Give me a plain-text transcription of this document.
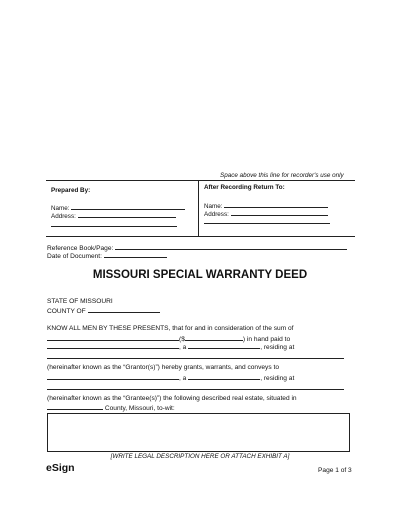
Space above this line for recorder's use only
Prepared By:	After Recording Return To:
Name:
Address:
Name:
Address:
Reference Book/Page:
Date of Document:
MISSOURI SPECIAL WARRANTY DEED
STATE OF MISSOURI
COUNTY OF
KNOW ALL MEN BY THESE PRESENTS, that for and in consideration of the sum of
($	) in hand paid to
, a	, residing at
(hereinafter known as the “Grantor(s)”) hereby grants, warrants, and conveys to
, a	, residing at
(hereinafter known as the “Grantee(s)”) the following described real estate, situated in
County, Missouri, to-wit:
[WRITE LEGAL DESCRIPTION HERE OR ATTACH EXHIBIT A]
eSign	Page 1 of 3
